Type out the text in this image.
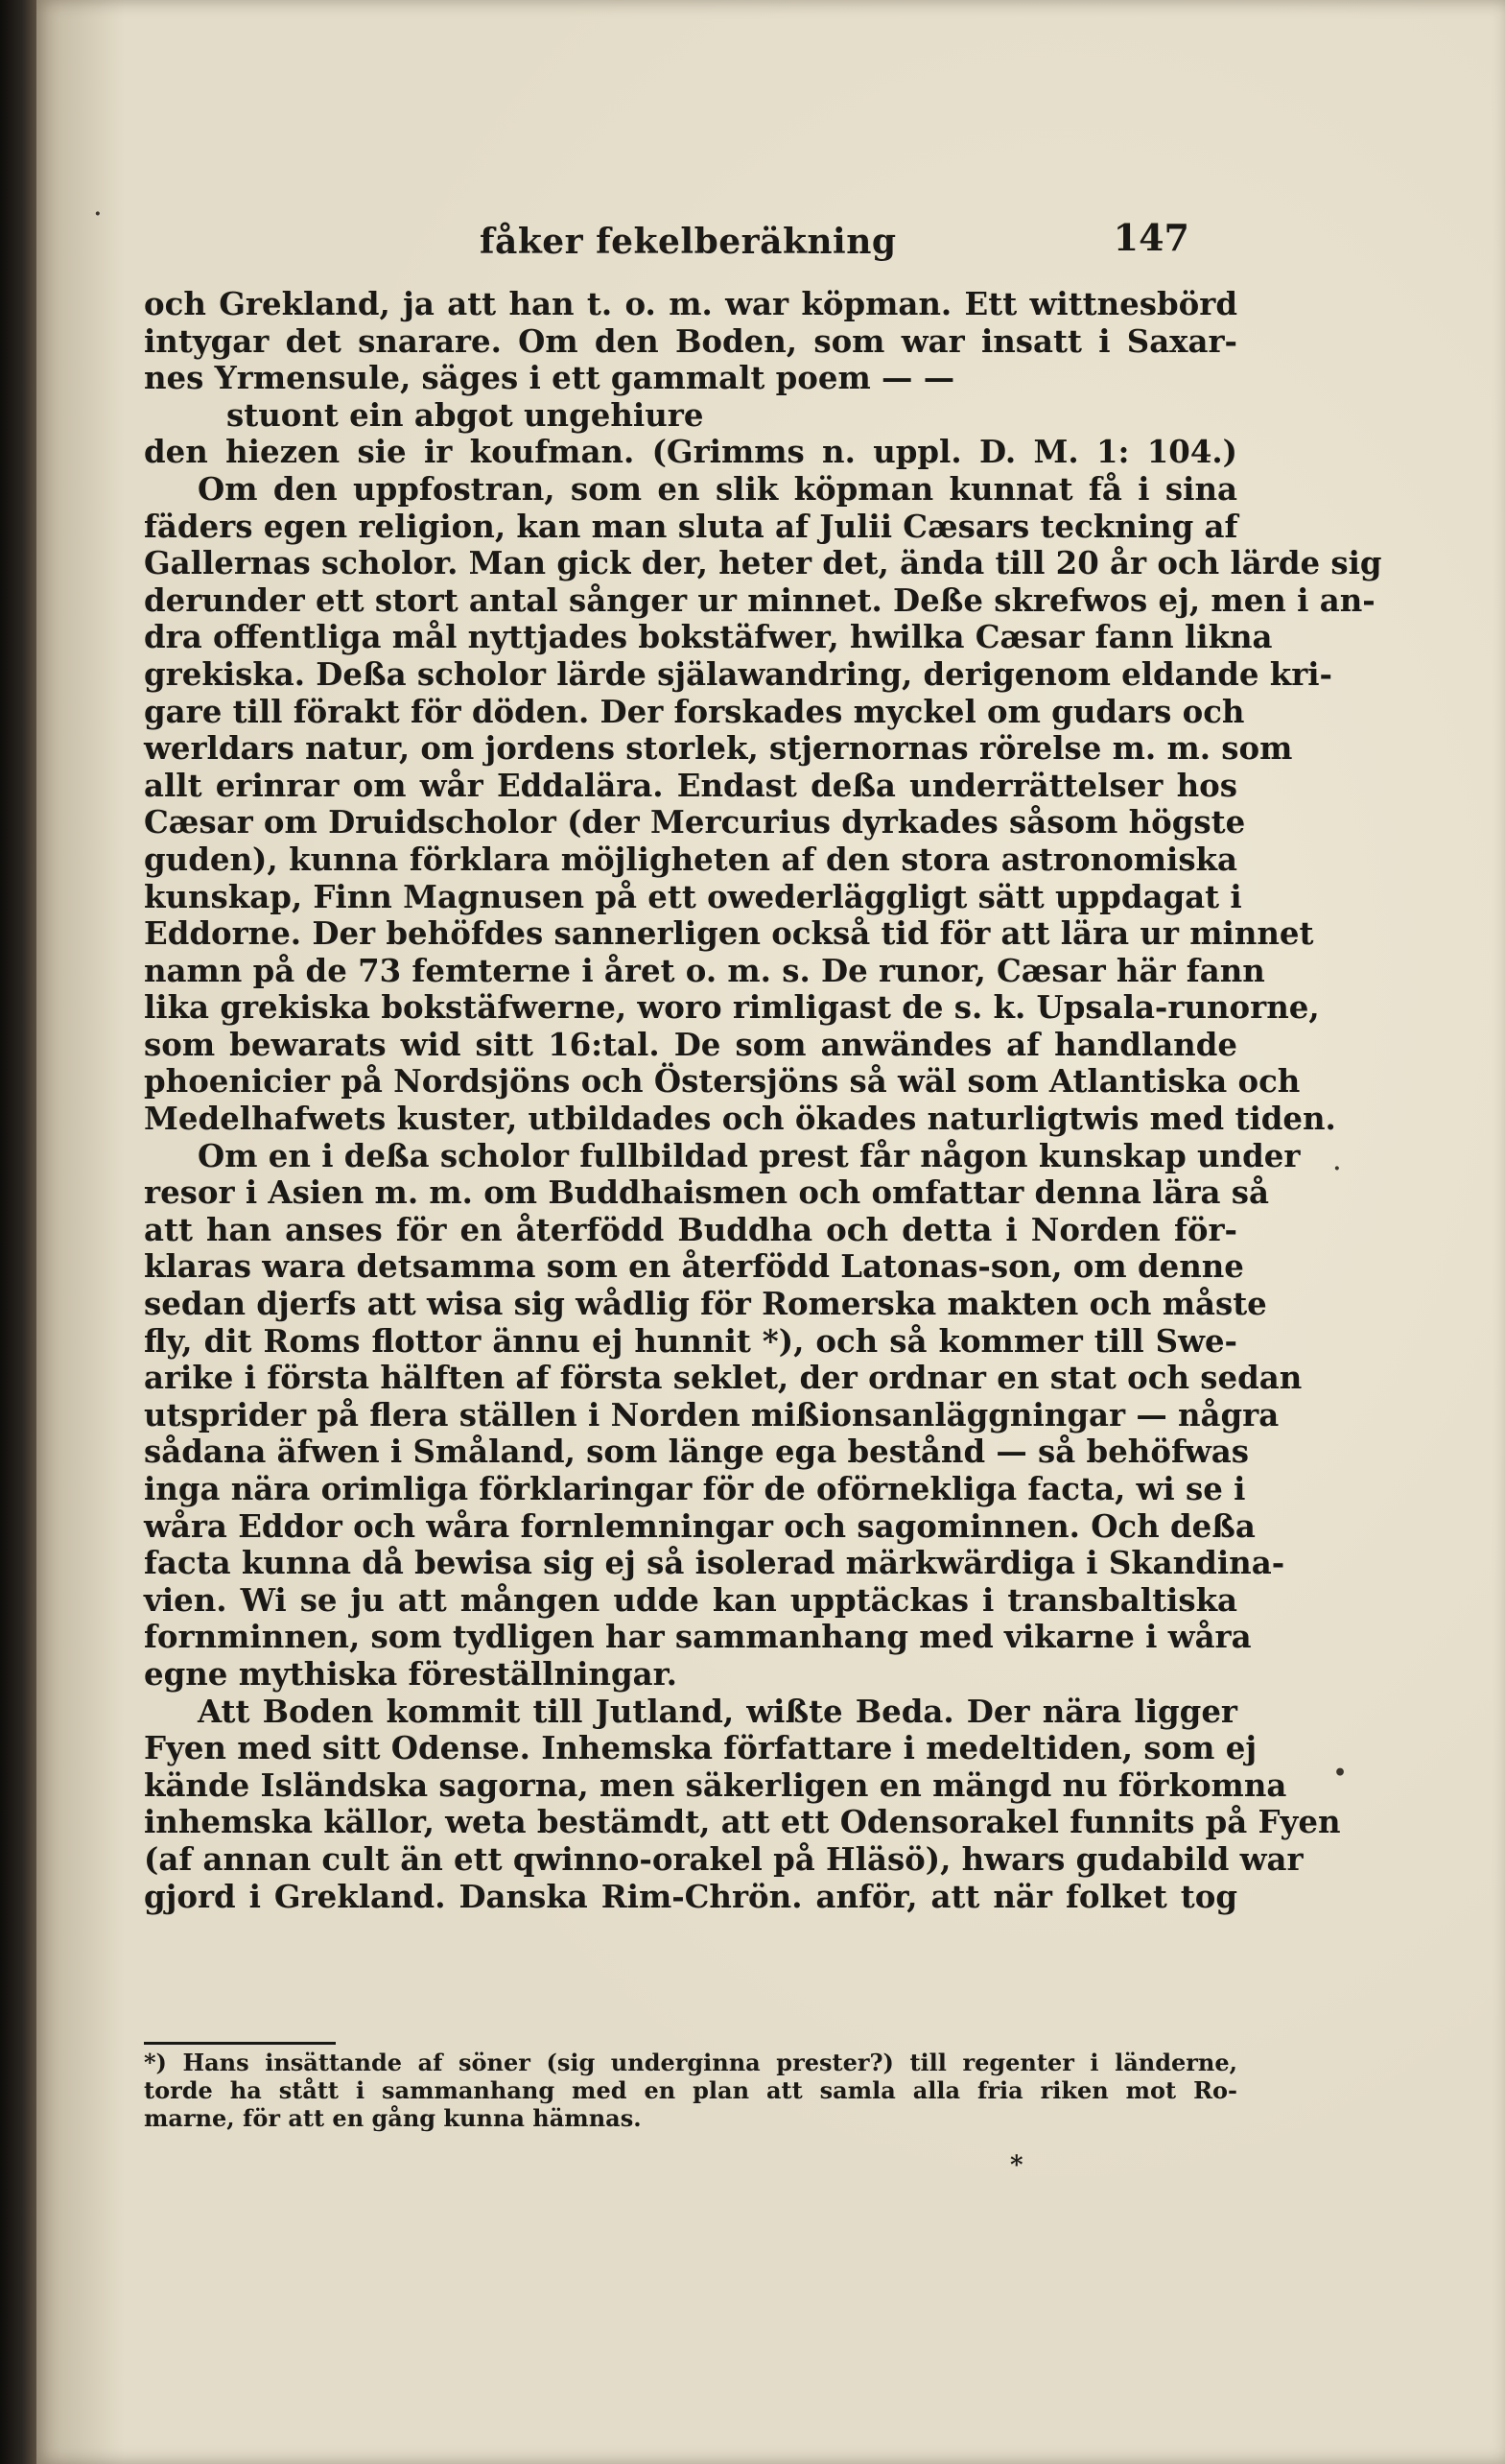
·
·
•
fåker fekelberäkning	147
och Grekland, ja att han t. o. m. war köpman. Ett wittnesbörd
intygar det snarare. Om den Boden, som war insatt i Saxar-
nes Yrmensule, säges i ett gammalt poem — —
stuont ein abgot ungehiure
den hiezen sie ir koufman. (Grimms n. uppl. D. M. 1: 104.)
Om den uppfostran, som en slik köpman kunnat få i sina
fäders egen religion, kan man sluta af Julii Cæsars teckning af
Gallernas scholor. Man gick der, heter det, ända till 20 år och lärde sig
derunder ett stort antal sånger ur minnet. Deße skrefwos ej, men i an-
dra offentliga mål nyttjades bokstäfwer, hwilka Cæsar fann likna
grekiska. Deßa scholor lärde själawandring, derigenom eldande kri-
gare till förakt för döden. Der forskades myckel om gudars och
werldars natur, om jordens storlek, stjernornas rörelse m. m. som
allt erinrar om wår Eddalära. Endast deßa underrättelser hos
Cæsar om Druidscholor (der Mercurius dyrkades såsom högste
guden), kunna förklara möjligheten af den stora astronomiska
kunskap, Finn Magnusen på ett owederläggligt sätt uppdagat i
Eddorne. Der behöfdes sannerligen också tid för att lära ur minnet
namn på de 73 femterne i året o. m. s. De runor, Cæsar här fann
lika grekiska bokstäfwerne, woro rimligast de s. k. Upsala-runorne,
som bewarats wid sitt 16:tal. De som anwändes af handlande
phoenicier på Nordsjöns och Östersjöns så wäl som Atlantiska och
Medelhafwets kuster, utbildades och ökades naturligtwis med tiden.
Om en i deßa scholor fullbildad prest får någon kunskap under
resor i Asien m. m. om Buddhaismen och omfattar denna lära så
att han anses för en återfödd Buddha och detta i Norden för-
klaras wara detsamma som en återfödd Latonas-son, om denne
sedan djerfs att wisa sig wådlig för Romerska makten och måste
fly, dit Roms flottor ännu ej hunnit *), och så kommer till Swe-
arike i första hälften af första seklet, der ordnar en stat och sedan
utsprider på flera ställen i Norden mißionsanläggningar — några
sådana äfwen i Småland, som länge ega bestånd — så behöfwas
inga nära orimliga förklaringar för de oförnekliga facta, wi se i
wåra Eddor och wåra fornlemningar och sagominnen. Och deßa
facta kunna då bewisa sig ej så isolerad märkwärdiga i Skandina-
vien. Wi se ju att mången udde kan upptäckas i transbaltiska
fornminnen, som tydligen har sammanhang med vikarne i wåra
egne mythiska föreställningar.
Att Boden kommit till Jutland, wißte Beda. Der nära ligger
Fyen med sitt Odense. Inhemska författare i medeltiden, som ej
kände Isländska sagorna, men säkerligen en mängd nu förkomna
inhemska källor, weta bestämdt, att ett Odensorakel funnits på Fyen
(af annan cult än ett qwinno-orakel på Hläsö), hwars gudabild war
gjord i Grekland. Danska Rim-Chrön. anför, att när folket tog
*) Hans insättande af söner (sig underginna prester?) till regenter i länderne,
torde ha stått i sammanhang med en plan att samla alla fria riken mot Ro-
marne, för att en gång kunna hämnas.
*
